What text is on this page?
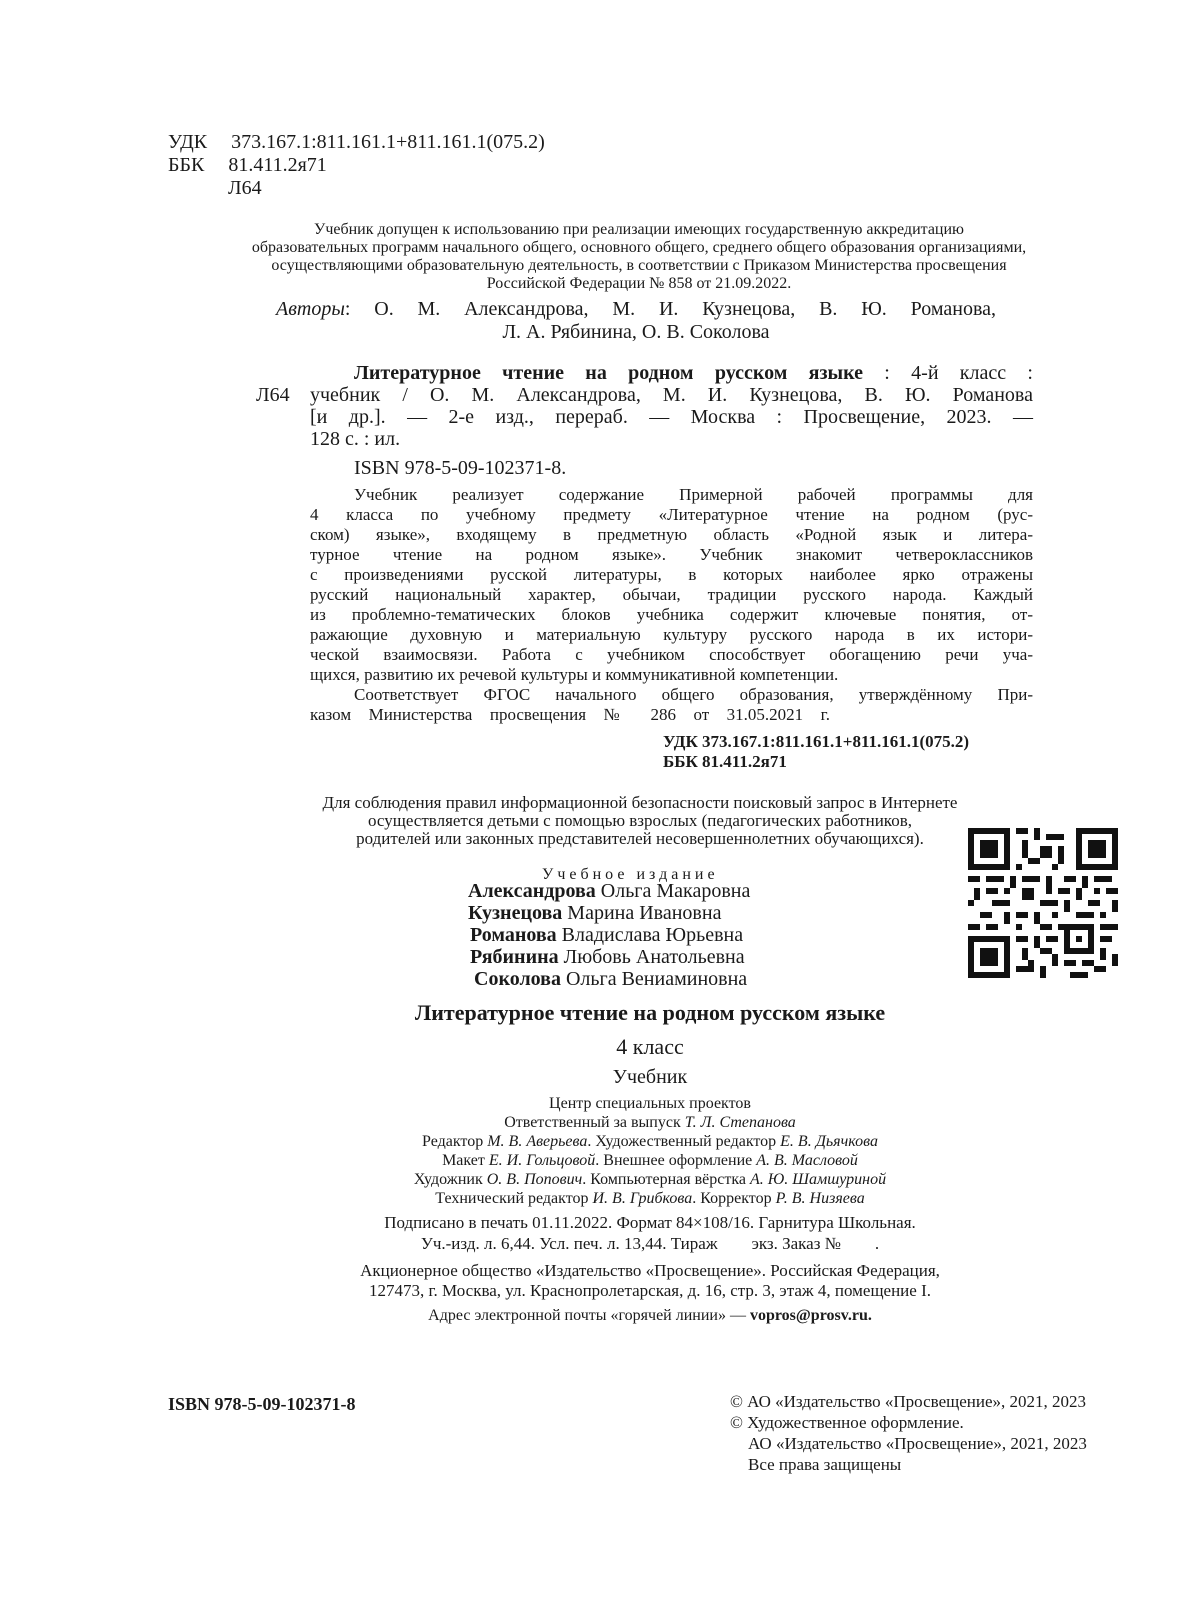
УДК 373.167.1:811.161.1+811.161.1(075.2)
ББК 81.411.2я71
Л64
Учебник допущен к использованию при реализации имеющих государственную аккредитацию
образовательных программ начального общего, основного общего, среднего общего образования организациями,
осуществляющими образовательную деятельность, в соответствии с Приказом Министерства просвещения
Российской Федерации № 858 от 21.09.2022.
Авторы: О. М. Александрова, М. И. Кузнецова, В. Ю. Романова,
Л. А. Рябинина, О. В. Соколова
Литературное чтение на родном русском языке : 4-й класс :
Л64 учебник / О. М. Александрова, М. И. Кузнецова, В. Ю. Романова
[и др.]. — 2-е изд., перераб. — Москва : Просвещение, 2023. —
128 с. : ил.
ISBN 978-5-09-102371-8.
Учебник реализует содержание Примерной рабочей программы для
4 класса по учебному предмету «Литературное чтение на родном (рус-
ском) языке», входящему в предметную область «Родной язык и литера-
турное чтение на родном языке». Учебник знакомит четвероклассников
с произведениями русской литературы, в которых наиболее ярко отражены
русский национальный характер, обычаи, традиции русского народа. Каждый
из проблемно-тематических блоков учебника содержит ключевые понятия, от-
ражающие духовную и материальную культуру русского народа в их истори-
ческой взаимосвязи. Работа с учебником способствует обогащению речи уча-
щихся, развитию их речевой культуры и коммуникативной компетенции.
Соответствует ФГОС начального общего образования, утверждённому При-
казом Министерства просвещения № 286 от 31.05.2021 г.
УДК 373.167.1:811.161.1+811.161.1(075.2)
ББК 81.411.2я71
Для соблюдения правил информационной безопасности поисковый запрос в Интернете
осуществляется детьми с помощью взрослых (педагогических работников,
родителей или законных представителей несовершеннолетних обучающихся).
Учебное издание
Александрова Ольга Макаровна
Кузнецова Марина Ивановна
Романова Владислава Юрьевна
Рябинина Любовь Анатольевна
Соколова Ольга Вениаминовна
Литературное чтение на родном русском языке
4 класс
Учебник
Центр специальных проектов
Ответственный за выпуск Т. Л. Степанова
Редактор М. В. Аверьева. Художественный редактор Е. В. Дьячкова
Макет Е. И. Гольцовой. Внешнее оформление А. В. Масловой
Художник О. В. Попович. Компьютерная вёрстка А. Ю. Шамшуриной
Технический редактор И. В. Грибкова. Корректор Р. В. Низяева
Подписано в печать 01.11.2022. Формат 84×108/16. Гарнитура Школьная.
Уч.-изд. л. 6,44. Усл. печ. л. 13,44. Тираж        экз. Заказ №        .
Акционерное общество «Издательство «Просвещение». Российская Федерация,
127473, г. Москва, ул. Краснопролетарская, д. 16, стр. 3, этаж 4, помещение I.
Адрес электронной почты «горячей линии» — vopros@prosv.ru.
ISBN 978-5-09-102371-8	© АО «Издательство «Просвещение», 2021, 2023
© Художественное оформление.
АО «Издательство «Просвещение», 2021, 2023
Все права защищены
